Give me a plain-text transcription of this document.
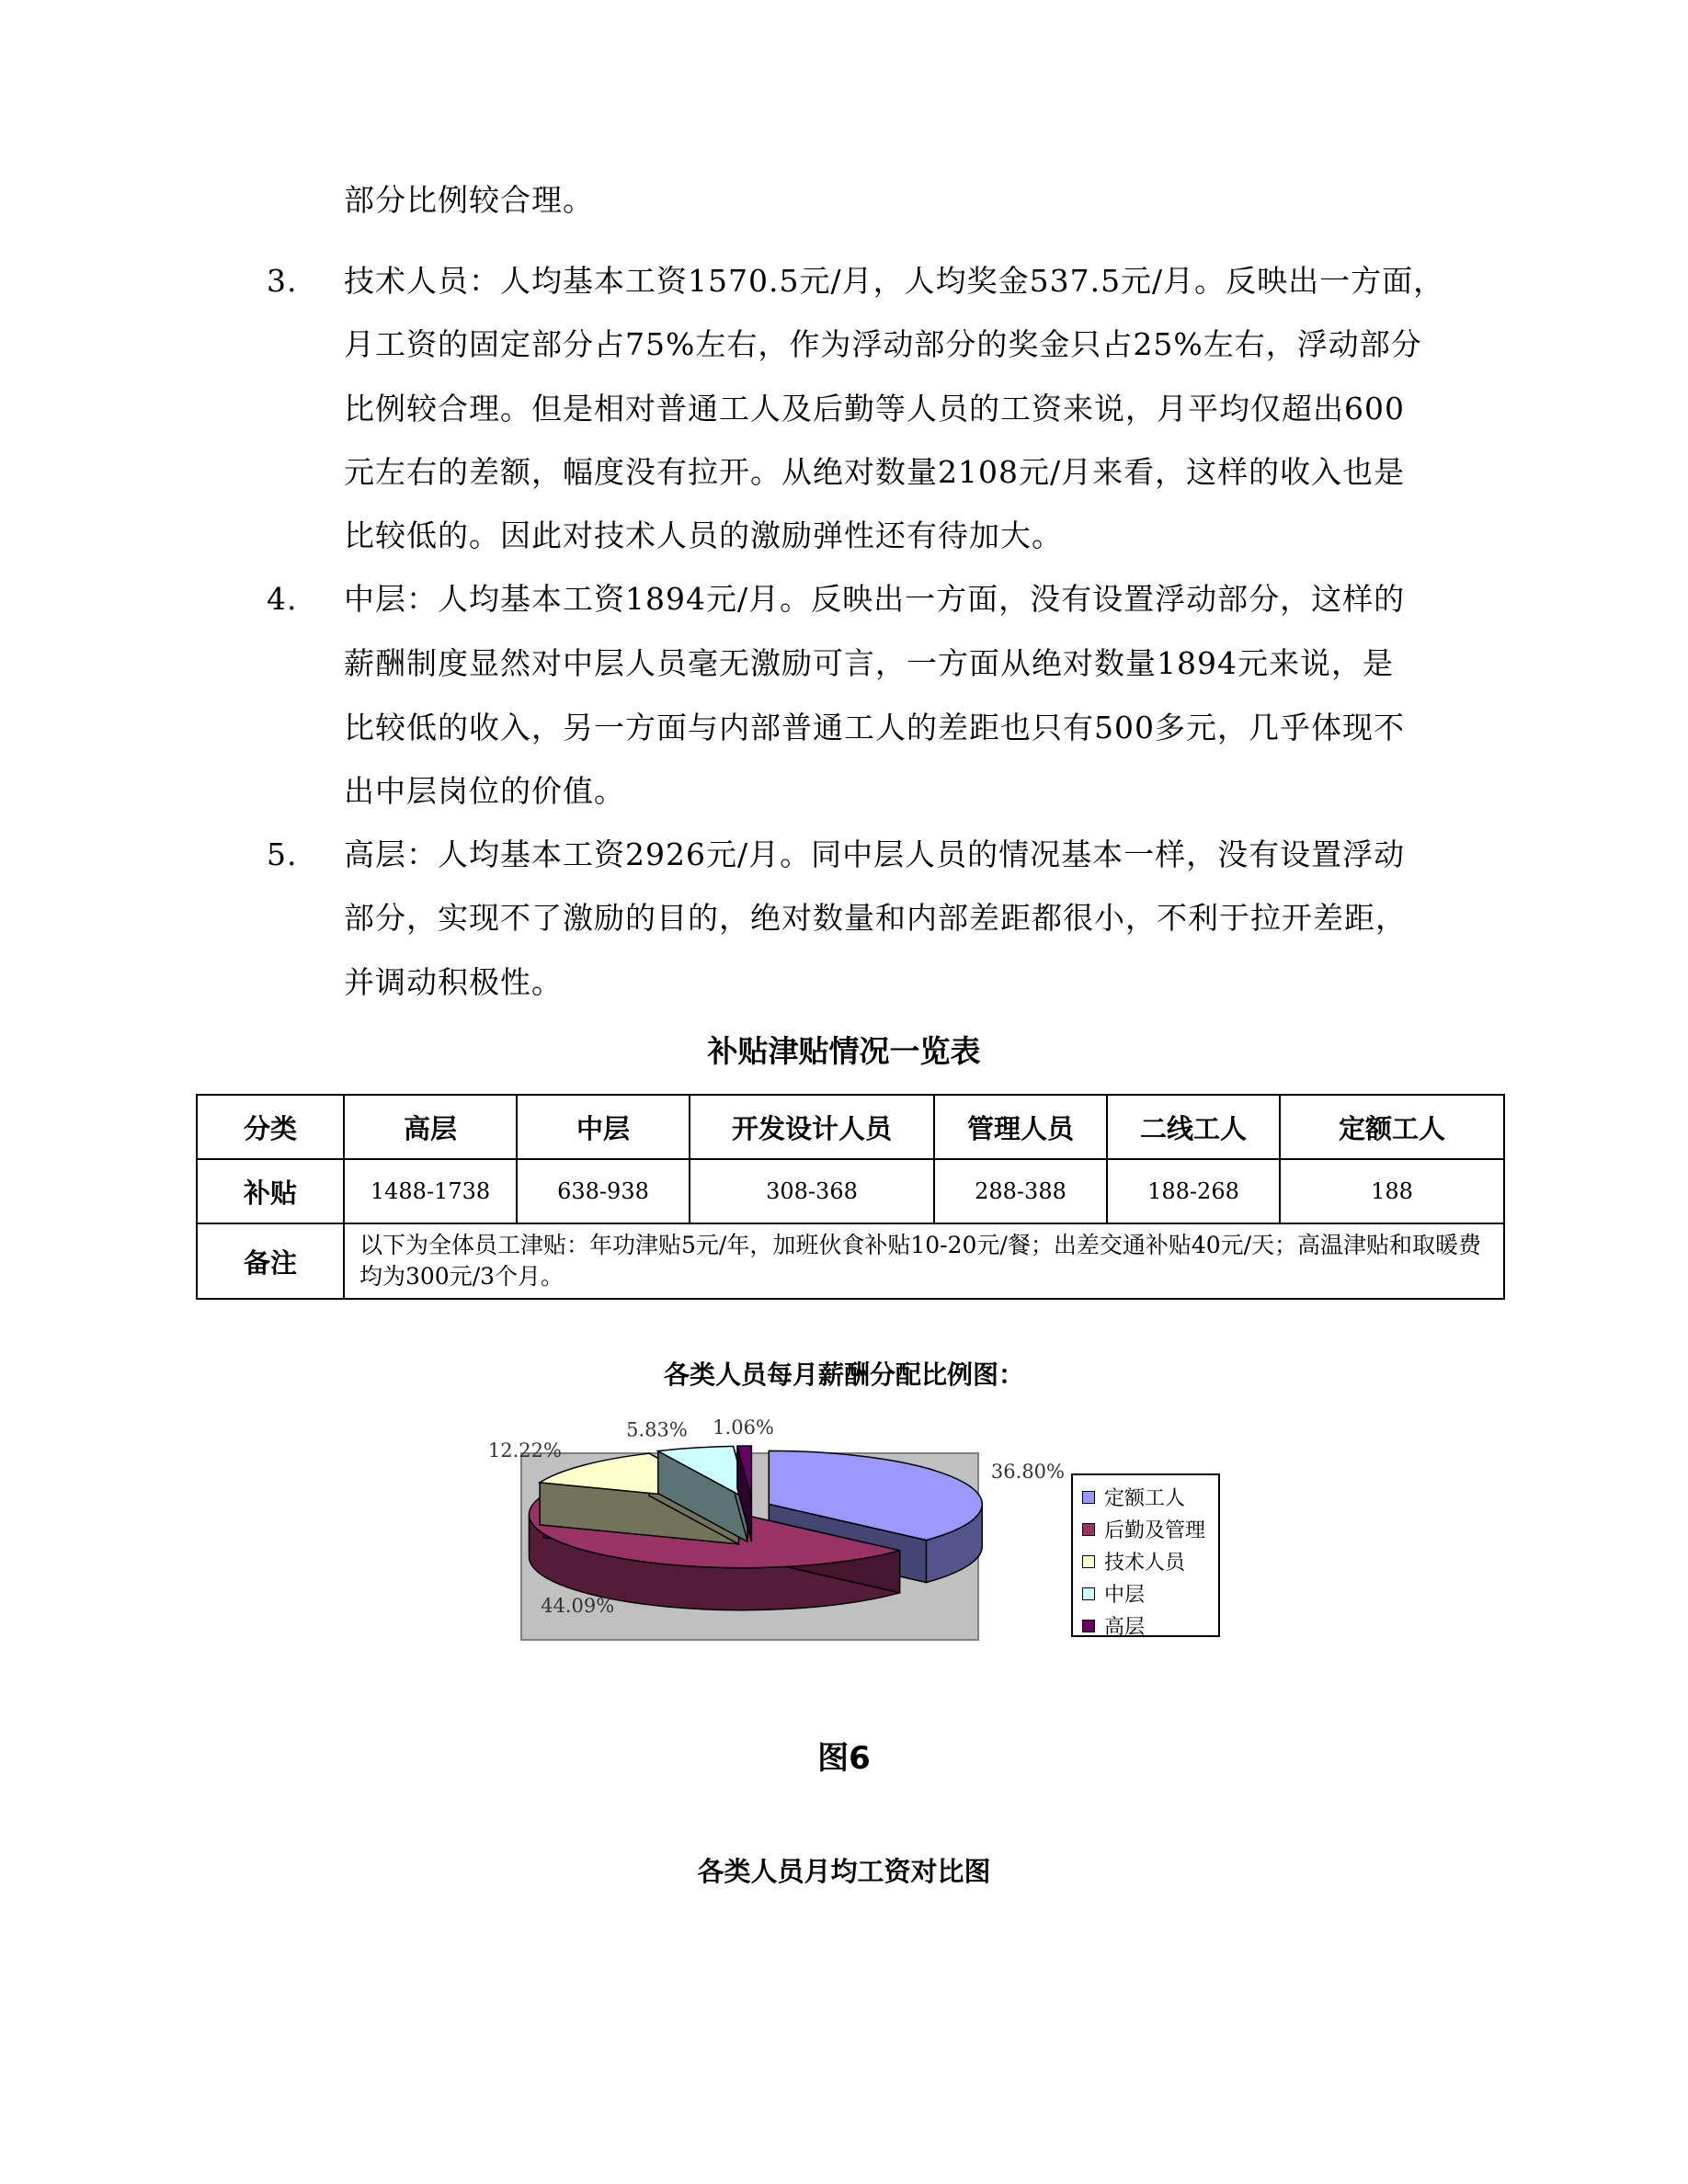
部分比例较合理。
3.	技术人员：人均基本工资1570.5元/月，人均奖金537.5元/月。反映出一方面，
月工资的固定部分占75%左右，作为浮动部分的奖金只占25%左右，浮动部分
比例较合理。但是相对普通工人及后勤等人员的工资来说，月平均仅超出600
元左右的差额，幅度没有拉开。从绝对数量2108元/月来看，这样的收入也是
比较低的。因此对技术人员的激励弹性还有待加大。
4.	中层：人均基本工资1894元/月。反映出一方面，没有设置浮动部分，这样的
薪酬制度显然对中层人员毫无激励可言，一方面从绝对数量1894元来说，是
比较低的收入，另一方面与内部普通工人的差距也只有500多元，几乎体现不
出中层岗位的价值。
5.	高层：人均基本工资2926元/月。同中层人员的情况基本一样，没有设置浮动
部分，实现不了激励的目的，绝对数量和内部差距都很小，不利于拉开差距，
并调动积极性。
补贴津贴情况一览表
分类	高层	中层	开发设计人员	管理人员	二线工人	定额工人
补贴	1488-1738	638-938	308-368	288-388	188-268	188
备注	以下为全体员工津贴：年功津贴5元/年，加班伙食补贴10-20元/餐；出差交通补贴40元/天；高温津贴和取暖费均为300元/3个月。					
各类人员每月薪酬分配比例图：
36.80%
44.09%
12.22%
5.83% 1.06%
定额工人
后勤及管理
技术人员
中层
高层
图6
各类人员月均工资对比图
